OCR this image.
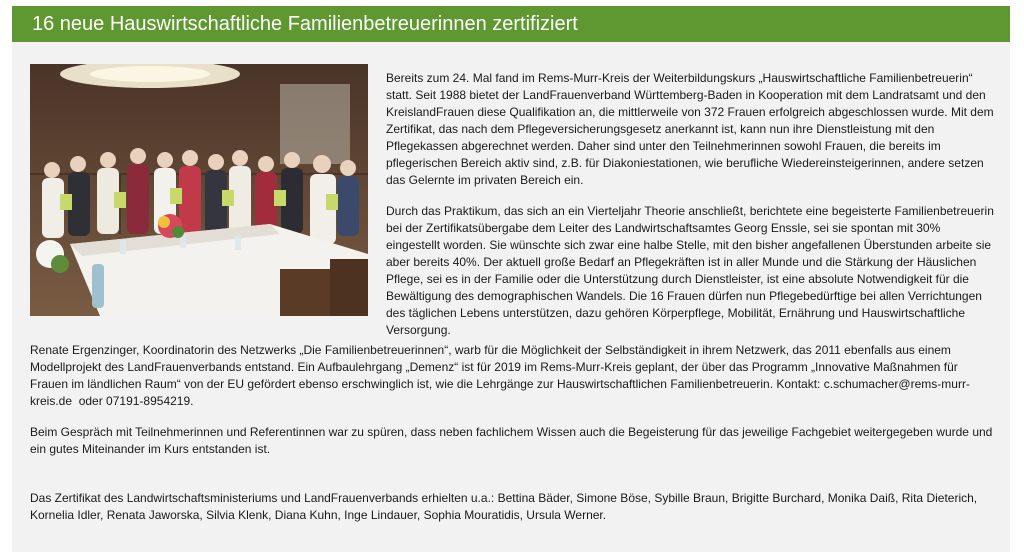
16 neue Hauswirtschaftliche Familienbetreuerinnen zertifiziert

Bereits zum 24. Mal fand im Rems-Murr-Kreis der Weiterbildungskurs „Hauswirtschaftliche Familienbetreuerin“ statt. Seit 1988 bietet der LandFrauenverband Württemberg-Baden in Kooperation mit dem Landratsamt und den KreislandFrauen diese Qualifikation an, die mittlerweile von 372 Frauen erfolgreich abgeschlossen wurde. Mit dem Zertifikat, das nach dem Pflegeversicherungsgesetz anerkannt ist, kann nun ihre Dienstleistung mit den Pflegekassen abgerechnet werden. Daher sind unter den Teilnehmerinnen sowohl Frauen, die bereits im pflegerischen Bereich aktiv sind, z.B. für Diakoniestationen, wie berufliche Wiedereinsteigerinnen, andere setzen das Gelernte im privaten Bereich ein.

Durch das Praktikum, das sich an ein Vierteljahr Theorie anschließt, berichtete eine begeisterte Familienbetreuerin bei der Zertifikatsübergabe dem Leiter des Landwirtschaftsamtes Georg Enssle, sei sie spontan mit 30% eingestellt worden. Sie wünschte sich zwar eine halbe Stelle, mit den bisher angefallenen Überstunden arbeite sie aber bereits 40%. Der aktuell große Bedarf an Pflegekräften ist in aller Munde und die Stärkung der Häuslichen Pflege, sei es in der Familie oder die Unterstützung durch Dienstleister, ist eine absolute Notwendigkeit für die Bewältigung des demographischen Wandels. Die 16 Frauen dürfen nun Pflegebedürftige bei allen Verrichtungen des täglichen Lebens unterstützen, dazu gehören Körperpflege, Mobilität, Ernährung und Hauswirtschaftliche Versorgung.

Renate Ergenzinger, Koordinatorin des Netzwerks „Die Familienbetreuerinnen“, warb für die Möglichkeit der Selbständigkeit in ihrem Netzwerk, das 2011 ebenfalls aus einem Modellprojekt des LandFrauenverbands entstand. Ein Aufbaulehrgang „Demenz“ ist für 2019 im Rems-Murr-Kreis geplant, der über das Programm „Innovative Maßnahmen für Frauen im ländlichen Raum“ von der EU gefördert ebenso erschwinglich ist, wie die Lehrgänge zur Hauswirtschaftlichen Familienbetreuerin. Kontakt: c.schumacher@rems-murr-kreis.de  oder 07191-8954219.

Beim Gespräch mit Teilnehmerinnen und Referentinnen war zu spüren, dass neben fachlichem Wissen auch die Begeisterung für das jeweilige Fachgebiet weitergegeben wurde und ein gutes Miteinander im Kurs entstanden ist.

Das Zertifikat des Landwirtschaftsministeriums und LandFrauenverbands erhielten u.a.: Bettina Bäder, Simone Böse, Sybille Braun, Brigitte Burchard, Monika Daiß, Rita Dieterich, Kornelia Idler, Renata Jaworska, Silvia Klenk, Diana Kuhn, Inge Lindauer, Sophia Mouratidis, Ursula Werner.
